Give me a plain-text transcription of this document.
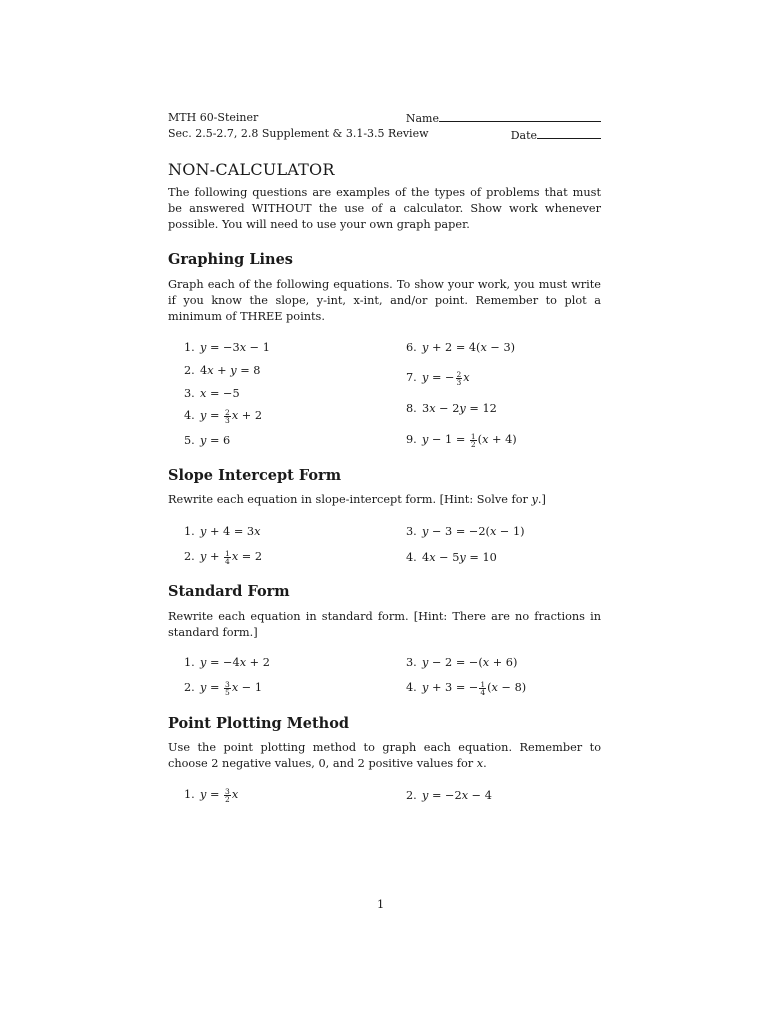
MTH 60-Steiner
Sec. 2.5-2.7, 2.8 Supplement & 3.1-3.5 Review
Name
Date
NON-CALCULATOR
The following questions are examples of the types of problems that must be answered WITHOUT the use of a calculator. Show work whenever possible. You will need to use your own graph paper.
Graphing Lines
Graph each of the following equations. To show your work, you must write if you know the slope, y-int, x-int, and/or point. Remember to plot a minimum of THREE points.
1. y = −3x − 1
2. 4x + y = 8
3. x = −5
4. $y = \frac{2}{3}$ x + 2
5. y = 6
6. y + 2 = 4(x − 3)
7. y = − $\frac{2}{3}$ x
8. 3x − 2y = 12
9. $y - 1 = \frac{1}{2} (x + 4)$
Slope Intercept Form
Rewrite each equation in slope-intercept form. [Hint: Solve for y.]
1. y + 4 = 3x
2. $y + \frac{1}{4}$ x = 2
3. y − 3 = −2(x − 1)
4. 4x − 5y = 10
Standard Form
Rewrite each equation in standard form. [Hint: There are no fractions in standard form.]
1. y = −4x + 2
2. $y = \frac{3}{5}$ x − 1
3. y − 2 = −(x + 6)
4. y + 3 = − $\frac{1}{4} (x - 8)$
Point Plotting Method
Use the point plotting method to graph each equation. Remember to choose 2 negative values, 0, and 2 positive values for x.
1. $y = \frac{3}{2}$ x	2. y = −2x − 4
1
